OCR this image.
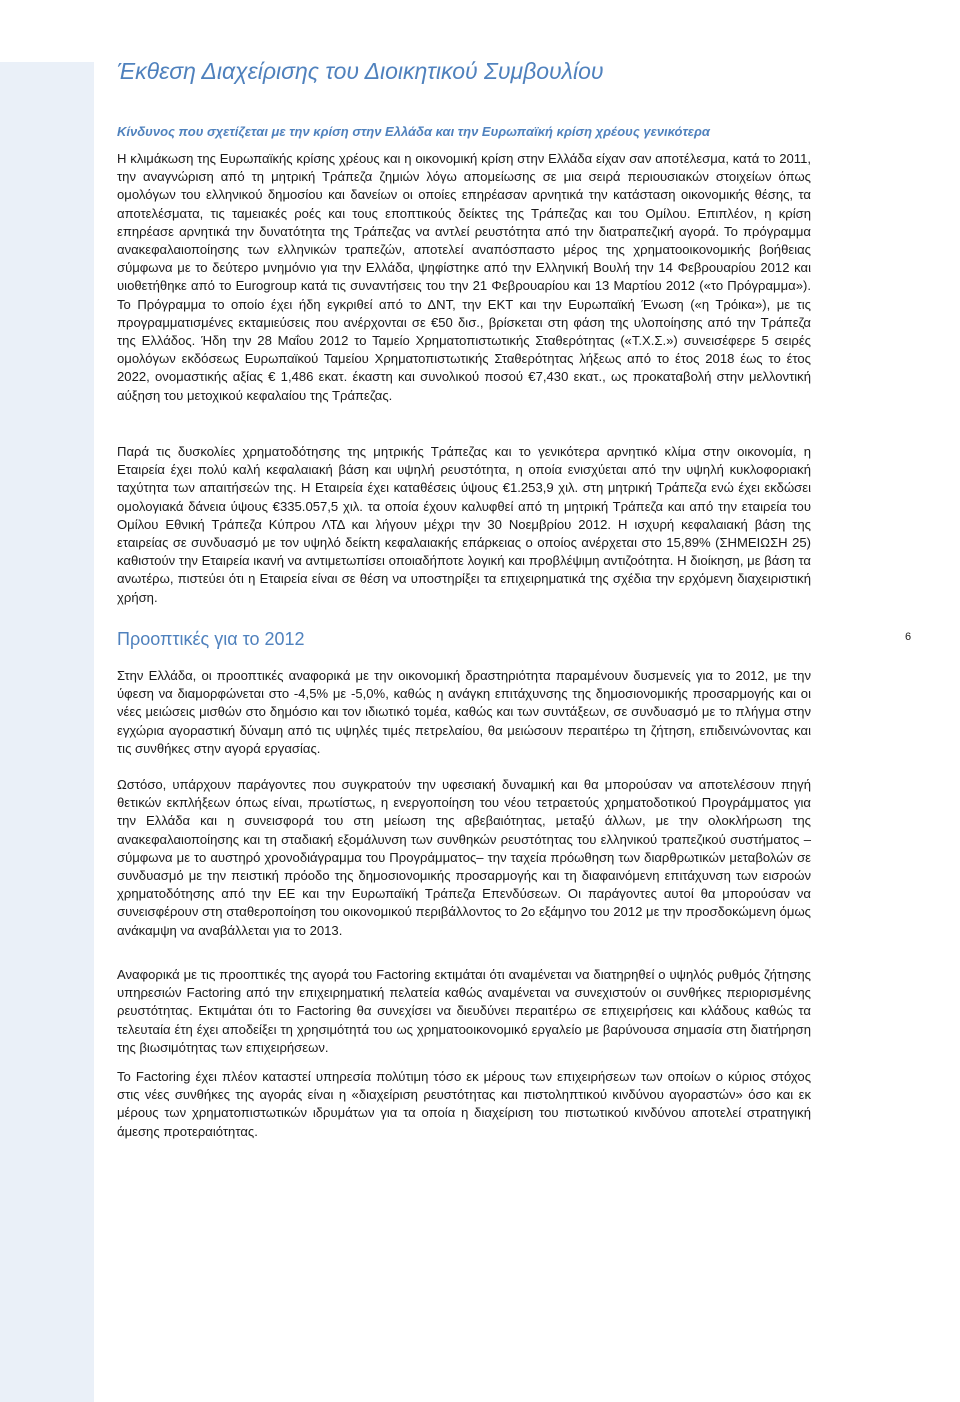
Έκθεση Διαχείρισης του Διοικητικού Συμβουλίου
Κίνδυνος που σχετίζεται με την κρίση στην Ελλάδα και την Ευρωπαϊκή κρίση χρέους γενικότερα

Η κλιμάκωση της Ευρωπαϊκής κρίσης χρέους και η οικονομική κρίση στην Ελλάδα είχαν σαν αποτέλεσμα, κατά το 2011, την αναγνώριση από τη μητρική Τράπεζα ζημιών λόγω απομείωσης σε μια σειρά περιουσιακών στοιχείων όπως ομολόγων του ελληνικού δημοσίου και δανείων οι οποίες επηρέασαν αρνητικά την κατάσταση οικονομικής θέσης, τα αποτελέσματα, τις ταμειακές ροές και τους εποπτικούς δείκτες της Τράπεζας και του Ομίλου. Επιπλέον, η κρίση επηρέασε αρνητικά την δυνατότητα της Τράπεζας να αντλεί ρευστότητα από την διατραπεζική αγορά. Το πρόγραμμα ανακεφαλαιοποίησης των ελληνικών τραπεζών, αποτελεί αναπόσπαστο μέρος της χρηματοοικονομικής βοήθειας σύμφωνα με το δεύτερο μνημόνιο για την Ελλάδα, ψηφίστηκε από την Ελληνική Βουλή την 14 Φεβρουαρίου 2012 και υιοθετήθηκε από το Eurogroup κατά τις συναντήσεις του την 21 Φεβρουαρίου και 13 Μαρτίου 2012 («το Πρόγραμμα»). Το Πρόγραμμα το οποίο έχει ήδη εγκριθεί από το ΔΝΤ, την ΕΚΤ και την Ευρωπαϊκή Ένωση («η Τρόικα»), με τις προγραμματισμένες εκταμιεύσεις που ανέρχονται σε €50 δισ., βρίσκεται στη φάση της υλοποίησης από την Τράπεζα της Ελλάδος. Ήδη την 28 Μαΐου 2012 το Ταμείο Χρηματοπιστωτικής Σταθερότητας («Τ.Χ.Σ.») συνεισέφερε 5 σειρές ομολόγων εκδόσεως Ευρωπαϊκού Ταμείου Χρηματοπιστωτικής Σταθερότητας λήξεως από το έτος 2018 έως το έτος 2022, ονομαστικής αξίας € 1,486 εκατ. έκαστη και συνολικού ποσού €7,430 εκατ., ως προκαταβολή στην μελλοντική αύξηση του μετοχικού κεφαλαίου της Τράπεζας.

Παρά τις δυσκολίες χρηματοδότησης της μητρικής Τράπεζας και το γενικότερα αρνητικό κλίμα στην οικονομία, η Εταιρεία έχει πολύ καλή κεφαλαιακή βάση και υψηλή ρευστότητα, η οποία ενισχύεται από την υψηλή κυκλοφοριακή ταχύτητα των απαιτήσεών της. Η Εταιρεία έχει καταθέσεις ύψους €1.253,9 χιλ. στη μητρική Τράπεζα ενώ έχει εκδώσει ομολογιακά δάνεια ύψους €335.057,5 χιλ. τα οποία έχουν καλυφθεί από τη μητρική Τράπεζα και από την εταιρεία του Ομίλου Εθνική Τράπεζα Κύπρου ΛΤΔ και λήγουν μέχρι την 30 Νοεμβρίου 2012. Η ισχυρή κεφαλαιακή βάση της εταιρείας σε συνδυασμό με τον υψηλό δείκτη κεφαλαιακής επάρκειας ο οποίος ανέρχεται στο 15,89% (ΣΗΜΕΙΩΣΗ 25) καθιστούν την Εταιρεία ικανή να αντιμετωπίσει οποιαδήποτε λογική και προβλέψιμη αντιζοότητα. Η διοίκηση, με βάση τα ανωτέρω, πιστεύει ότι η Εταιρεία είναι σε θέση να υποστηρίξει τα επιχειρηματικά της σχέδια την ερχόμενη διαχειριστική χρήση.

Προοπτικές για το 2012

Στην Ελλάδα, οι προοπτικές αναφορικά με την οικονομική δραστηριότητα παραμένουν δυσμενείς για το 2012, με την ύφεση να διαμορφώνεται στο -4,5% με -5,0%, καθώς η ανάγκη επιτάχυνσης της δημοσιονομικής προσαρμογής και οι νέες μειώσεις μισθών στο δημόσιο και τον ιδιωτικό τομέα, καθώς και των συντάξεων, σε συνδυασμό με το πλήγμα στην εγχώρια αγοραστική δύναμη από τις υψηλές τιμές πετρελαίου, θα μειώσουν περαιτέρω τη ζήτηση, επιδεινώνοντας και τις συνθήκες στην αγορά εργασίας.

Ωστόσο, υπάρχουν παράγοντες που συγκρατούν την υφεσιακή δυναμική και θα μπορούσαν να αποτελέσουν πηγή θετικών εκπλήξεων όπως είναι, πρωτίστως, η ενεργοποίηση του νέου τετραετούς χρηματοδοτικού Προγράμματος για την Ελλάδα και η συνεισφορά του στη μείωση της αβεβαιότητας, μεταξύ άλλων, με την ολοκλήρωση της ανακεφαλαιοποίησης και τη σταδιακή εξομάλυνση των συνθηκών ρευστότητας του ελληνικού τραπεζικού συστήματος –σύμφωνα με το αυστηρό χρονοδιάγραμμα του Προγράμματος– την ταχεία πρόωθηση των διαρθρωτικών μεταβολών σε συνδυασμό με την πειστική πρόοδο της δημοσιονομικής προσαρμογής και τη διαφαινόμενη επιτάχυνση των εισροών χρηματοδότησης από την ΕΕ και την Ευρωπαϊκή Τράπεζα Επενδύσεων. Οι παράγοντες αυτοί θα μπορούσαν να συνεισφέρουν στη σταθεροποίηση του οικονομικού περιβάλλοντος το 2ο εξάμηνο του 2012 με την προσδοκώμενη όμως ανάκαμψη να αναβάλλεται για το 2013.

Αναφορικά με τις προοπτικές της αγορά του Factoring εκτιμάται ότι αναμένεται να διατηρηθεί ο υψηλός ρυθμός ζήτησης υπηρεσιών Factoring από την επιχειρηματική πελατεία καθώς αναμένεται να συνεχιστούν οι συνθήκες περιορισμένης ρευστότητας. Εκτιμάται ότι το Factoring θα συνεχίσει να διευδύνει περαιτέρω σε επιχειρήσεις και κλάδους καθώς τα τελευταία έτη έχει αποδείξει τη χρησιμότητά του ως χρηματοοικονομικό εργαλείο με βαρύνουσα σημασία στη διατήρηση της βιωσιμότητας των επιχειρήσεων.

Το Factoring έχει πλέον καταστεί υπηρεσία πολύτιμη τόσο εκ μέρους των επιχειρήσεων των οποίων ο κύριος στόχος στις νέες συνθήκες της αγοράς είναι η «διαχείριση ρευστότητας και πιστοληπτικού κινδύνου αγοραστών» όσο και εκ μέρους των χρηματοπιστωτικών ιδρυμάτων για τα οποία η διαχείριση του πιστωτικού κινδύνου αποτελεί στρατηγική άμεσης προτεραιότητας.

6
